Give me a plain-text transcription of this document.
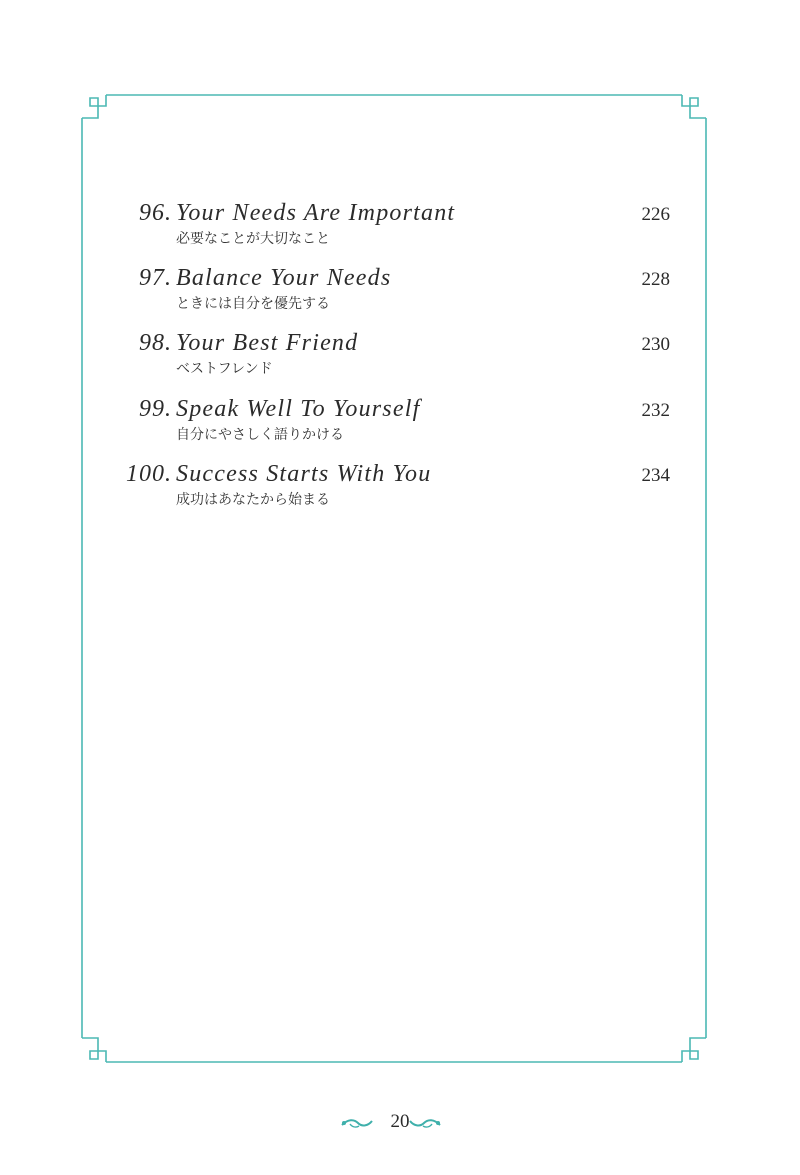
96. Your Needs Are Important	226
必要なことが大切なこと
97. Balance Your Needs	228
ときには自分を優先する
98. Your Best Friend	230
ベストフレンド
99. Speak Well To Yourself	232
自分にやさしく語りかける
100. Success Starts With You	234
成功はあなたから始まる
20
